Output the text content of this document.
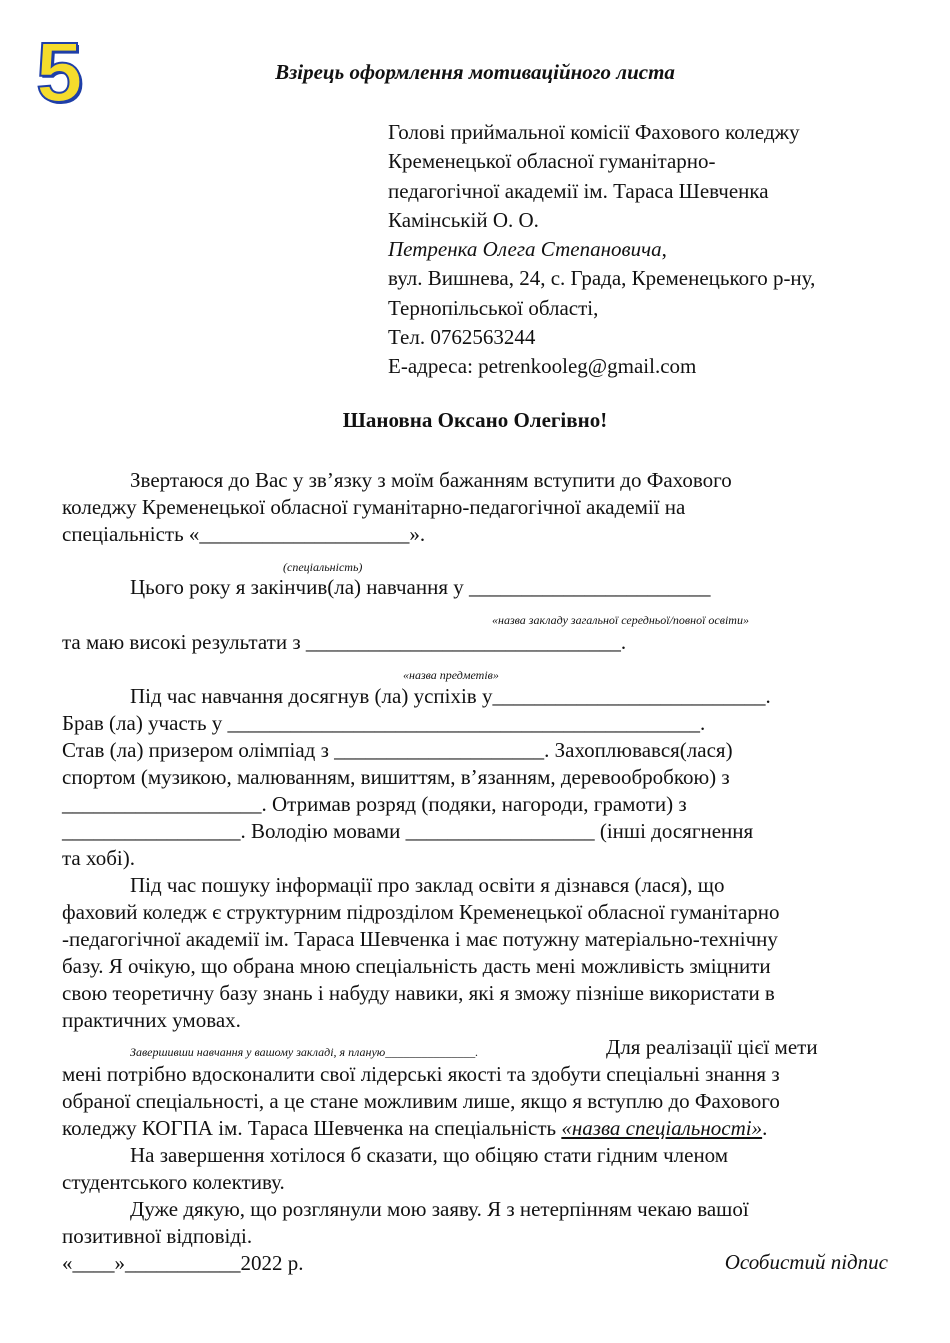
5	Взірець оформлення мотиваційного листа
Голові приймальної комісії Фахового коледжу
Кременецької обласної гуманітарно-
педагогічної академії ім. Тараса Шевченка
Камінській О. О.
Петренка Олега Степановича,
вул. Вишнева, 24, с. Града, Кременецького р-ну,
Тернопільської області,
Тел. 0762563244
Е-адреса: petrenkooleg@gmail.com
Шановна Оксано Олегівно!
Звертаюся до Вас у зв’язку з моїм бажанням вступити до Фахового
коледжу Кременецької обласної гуманітарно-педагогічної академії на
спеціальність «____________________».
(спеціальність)
Цього року я закінчив(ла) навчання у _______________________
«назва закладу загальної середньої/повної освіти»
та маю високі результати з ______________________________.
«назва предметів»
Під час навчання досягнув (ла) успіхів у__________________________.
Брав (ла) участь у _____________________________________________.
Став (ла) призером олімпіад з ____________________. Захоплювався(лася)
спортом (музикою, малюванням, вишиттям, в’язанням, деревообробкою) з
___________________. Отримав розряд (подяки, нагороди, грамоти) з
_________________. Володію мовами __________________ (інші досягнення
та хобі).
Під час пошуку інформації про заклад освіти я дізнався (лася), що
фаховий коледж є структурним підрозділом Кременецької обласної гуманітарно
-педагогічної академії ім. Тараса Шевченка і має потужну матеріально-технічну
базу. Я очікую, що обрана мною спеціальність дасть мені можливість зміцнити
свою теоретичну базу знань і набуду навики, які я зможу пізніше використати в
практичних умовах.
Завершивши навчання у вашому закладі, я планую_______________.	Для реалізації цієї мети
мені потрібно вдосконалити свої лідерські якості та здобути спеціальні знання з
обраної спеціальності, а це стане можливим лише, якщо я вступлю до Фахового
коледжу КОГПА ім. Тараса Шевченка на спеціальність «назва спеціальності».
На завершення хотілося б сказати, що обіцяю стати гідним членом
студентського колективу.
Дуже дякую, що розглянули мою заяву. Я з нетерпінням чекаю вашої
позитивної відповіді.
«____»___________2022 р.	Особистий підпис
